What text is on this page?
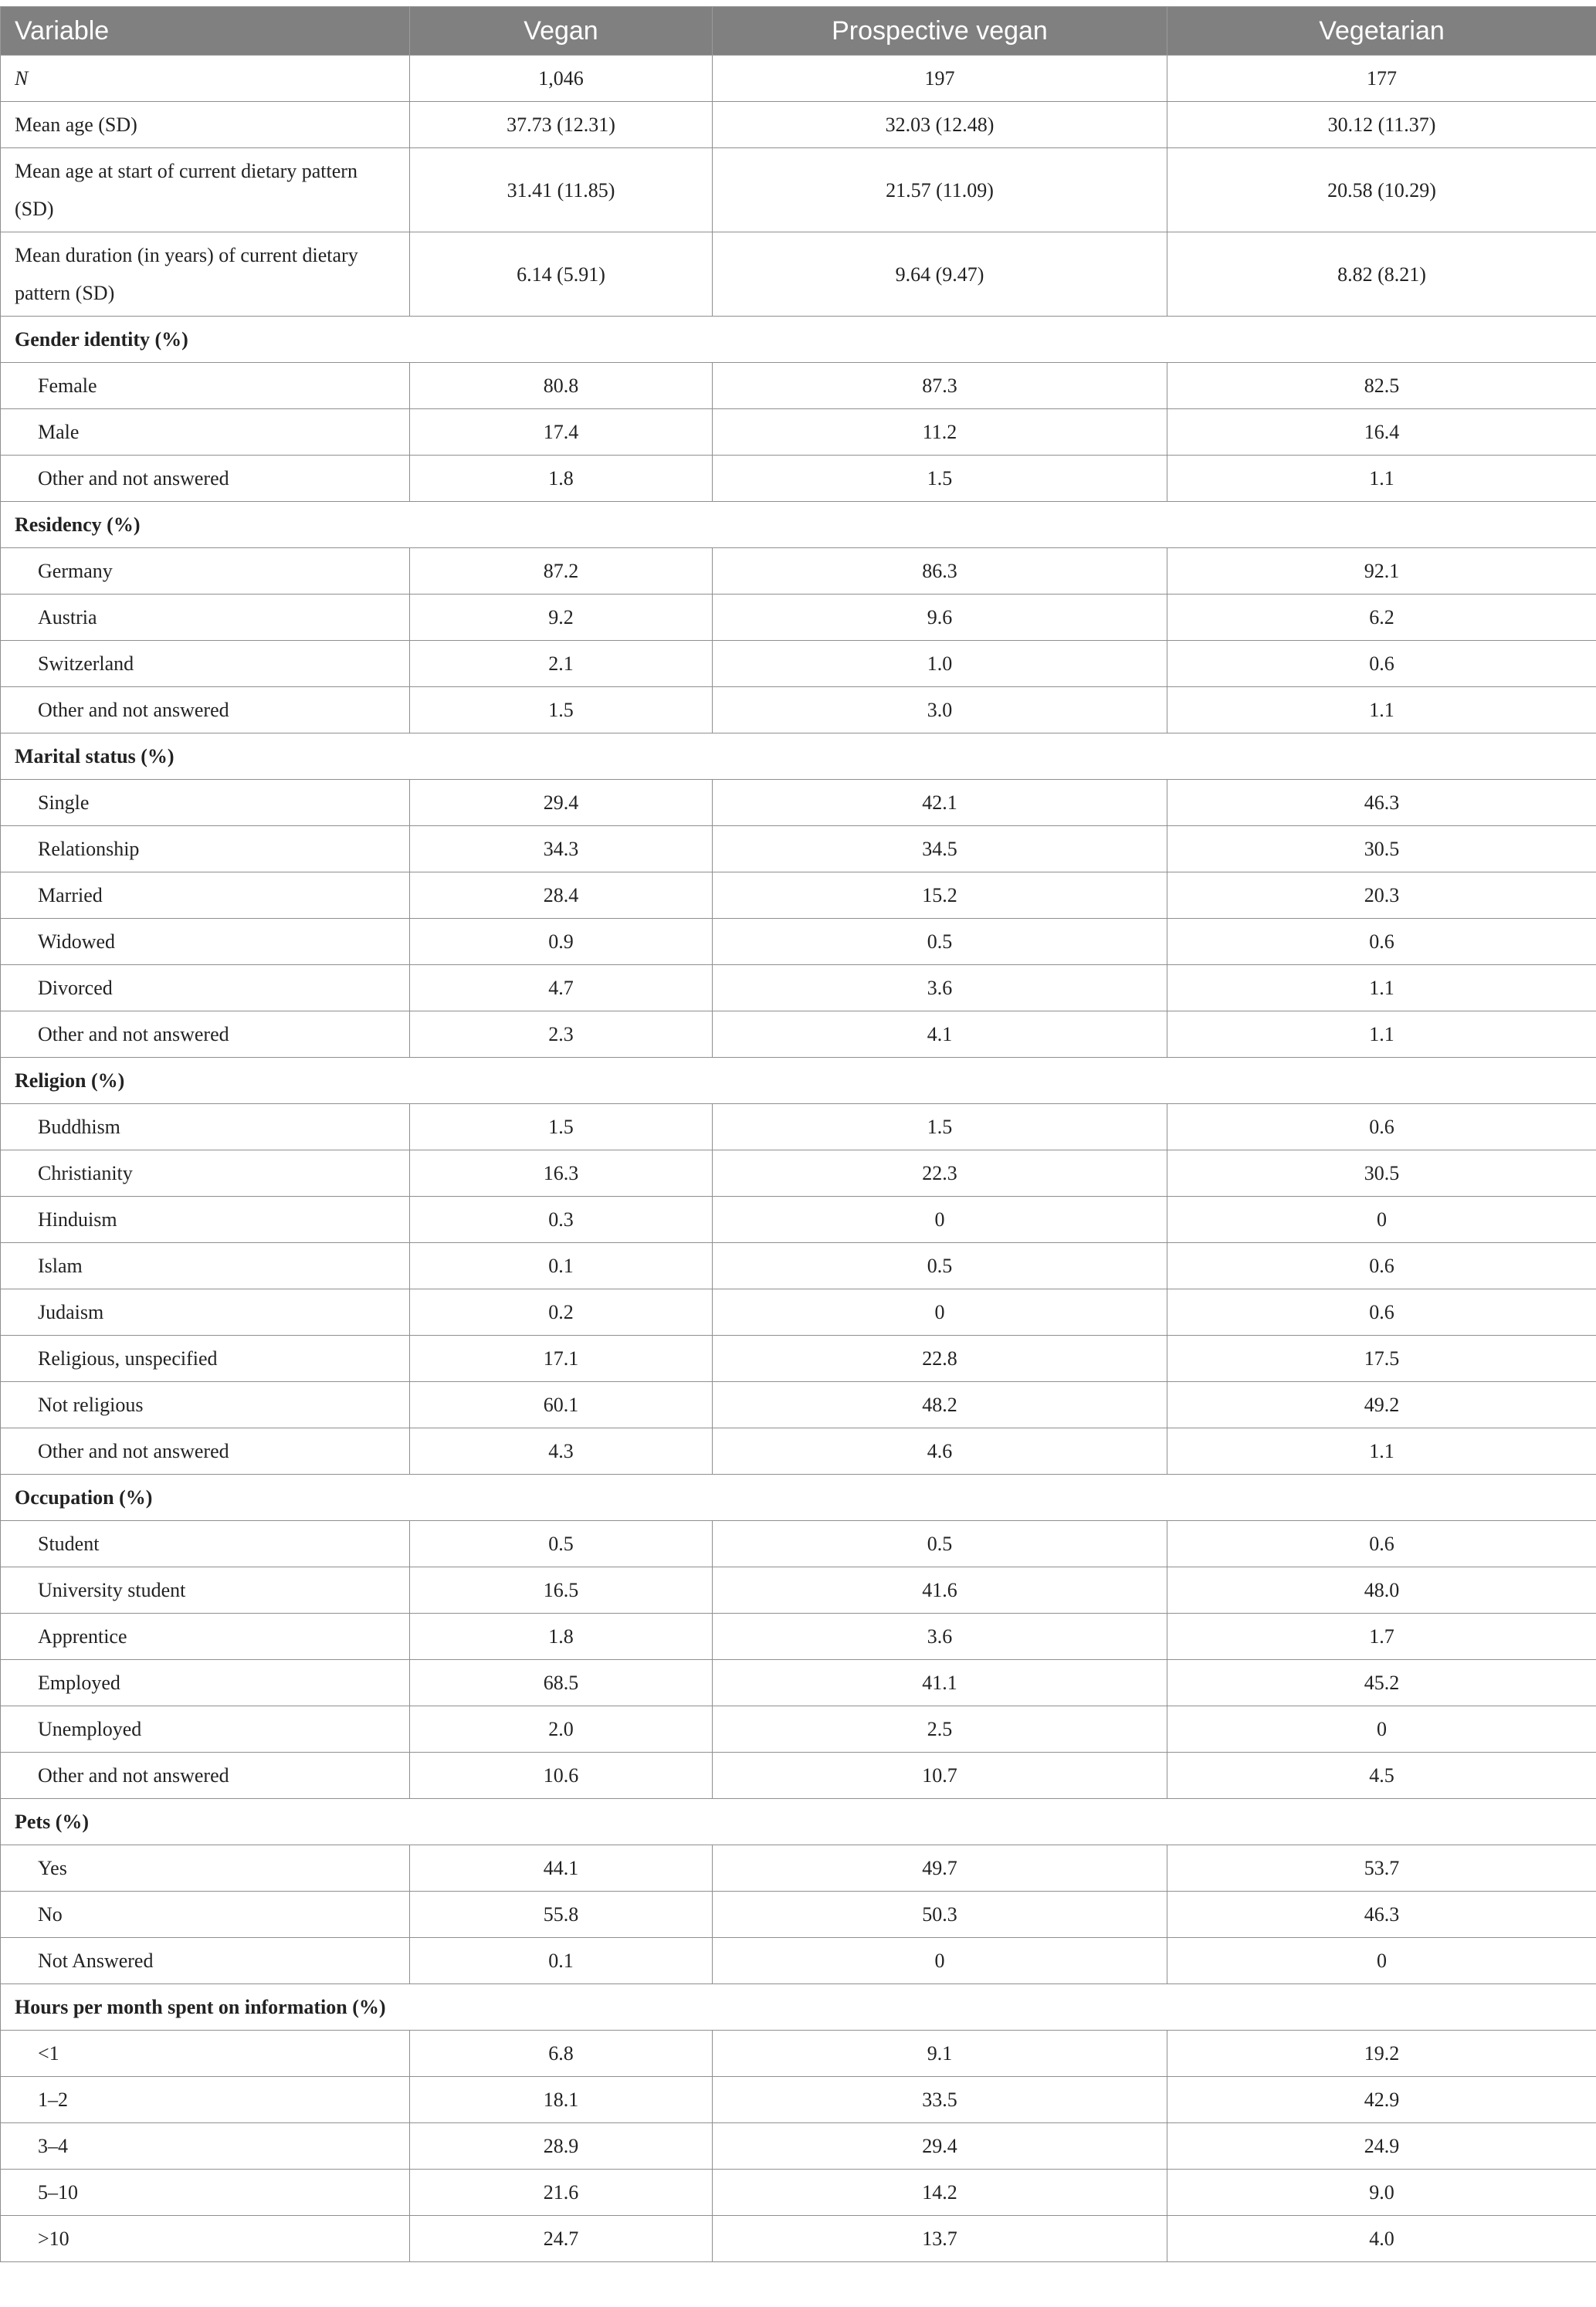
Variable	Vegan	Prospective vegan	Vegetarian
N	1,046	197	177
Mean age (SD)	37.73 (12.31)	32.03 (12.48)	30.12 (11.37)
Mean age at start of current dietary pattern (SD)	31.41 (11.85)	21.57 (11.09)	20.58 (10.29)
Mean duration (in years) of current dietary pattern (SD)	6.14 (5.91)	9.64 (9.47)	8.82 (8.21)
Gender identity (%)			
Female	80.8	87.3	82.5
Male	17.4	11.2	16.4
Other and not answered	1.8	1.5	1.1
Residency (%)			
Germany	87.2	86.3	92.1
Austria	9.2	9.6	6.2
Switzerland	2.1	1.0	0.6
Other and not answered	1.5	3.0	1.1
Marital status (%)			
Single	29.4	42.1	46.3
Relationship	34.3	34.5	30.5
Married	28.4	15.2	20.3
Widowed	0.9	0.5	0.6
Divorced	4.7	3.6	1.1
Other and not answered	2.3	4.1	1.1
Religion (%)			
Buddhism	1.5	1.5	0.6
Christianity	16.3	22.3	30.5
Hinduism	0.3	0	0
Islam	0.1	0.5	0.6
Judaism	0.2	0	0.6
Religious, unspecified	17.1	22.8	17.5
Not religious	60.1	48.2	49.2
Other and not answered	4.3	4.6	1.1
Occupation (%)			
Student	0.5	0.5	0.6
University student	16.5	41.6	48.0
Apprentice	1.8	3.6	1.7
Employed	68.5	41.1	45.2
Unemployed	2.0	2.5	0
Other and not answered	10.6	10.7	4.5
Pets (%)			
Yes	44.1	49.7	53.7
No	55.8	50.3	46.3
Not Answered	0.1	0	0
Hours per month spent on information (%)			
<1	6.8	9.1	19.2
1–2	18.1	33.5	42.9
3–4	28.9	29.4	24.9
5–10	21.6	14.2	9.0
>10	24.7	13.7	4.0
